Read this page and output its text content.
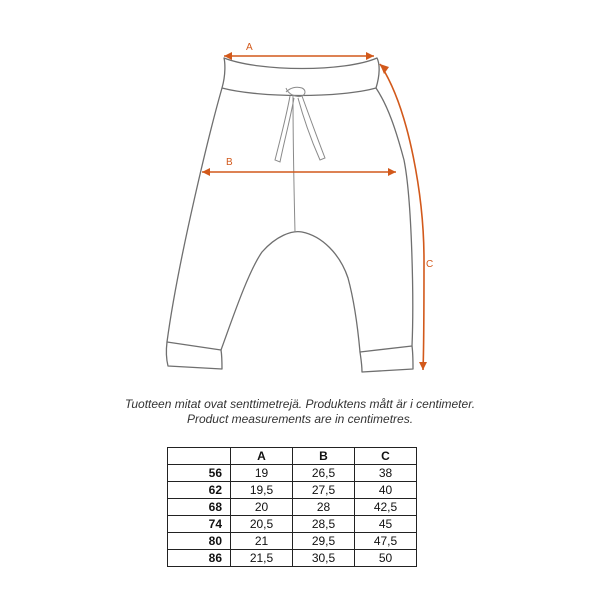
A
B
C
Tuotteen mitat ovat senttimetrejä. Produktens mått är i centimeter.
Product measurements are in centimetres.
	A	B	C
56	19	26,5	38
62	19,5	27,5	40
68	20	28	42,5
74	20,5	28,5	45
80	21	29,5	47,5
86	21,5	30,5	50
